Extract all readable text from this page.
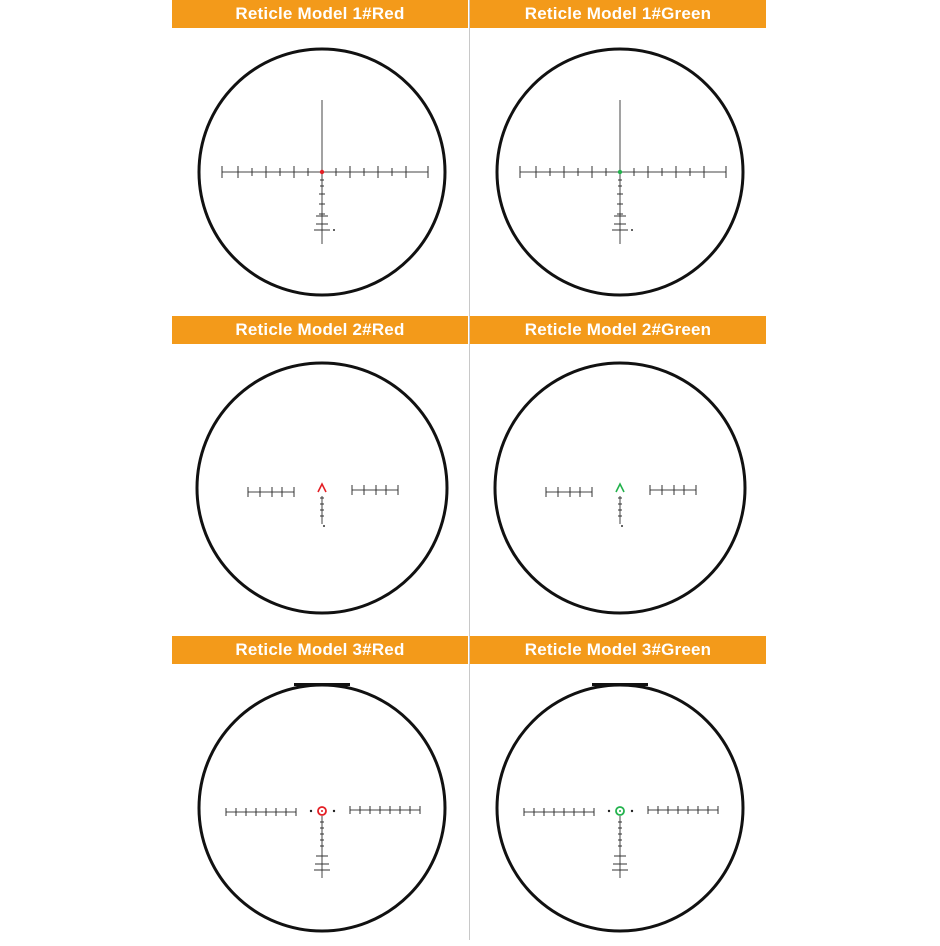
Reticle Model 1#Red	Reticle Model 1#Green
Reticle Model 2#Red	Reticle Model 2#Green
Reticle Model 3#Red	Reticle Model 3#Green
